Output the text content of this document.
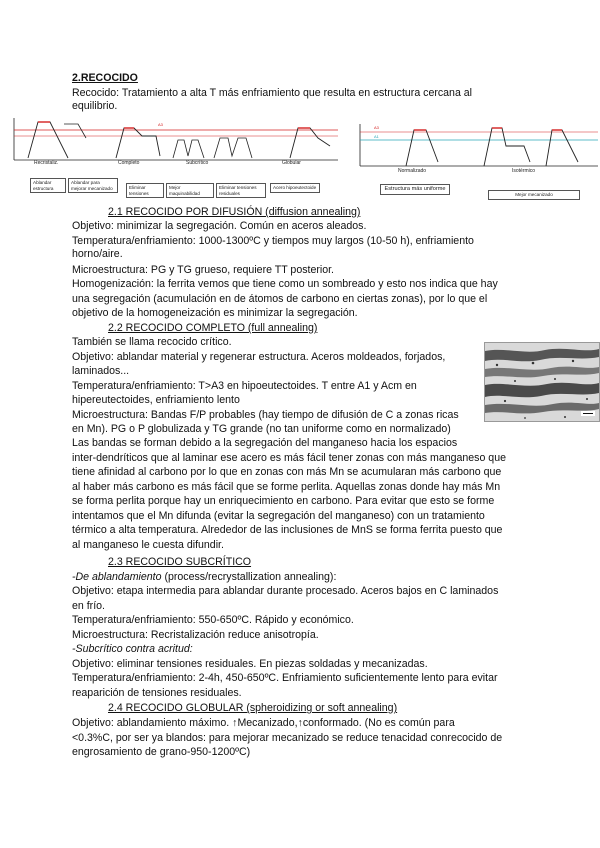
2.RECOCIDO
Recocido: Tratamiento a alta T más enfriamiento que resulta en estructura cercana al
equilibrio.
A3
Recristaliz.	Completo	Subcrítico	Globular
Ablandar estructura
Ablandar para mejorar mecanizado	Eliminar tensiones
Mejor maquinabilidad
Eliminar tensiones residuales
Acero hipoeutectoide
A3
A1
Normalizado	Isotérmico
Estructura más uniforme
Mejor mecanizado
2.1 RECOCIDO POR DIFUSIÓN (diffusion annealing)
Objetivo: minimizar la segregación. Común en aceros aleados.
Temperatura/enfriamiento: 1000-1300ºC y tiempos muy largos (10-50 h), enfriamiento
horno/aire.
Microestructura: PG y TG grueso, requiere TT posterior.
Homogenización: la ferrita vemos que tiene como un sombreado y esto nos indica que hay
una segregación (acumulación en de átomos de carbono en ciertas zonas), por lo que el
objetivo de la homogeneización es minimizar la segregación.
2.2 RECOCIDO COMPLETO (full annealing)
También se llama recocido crítico.
Objetivo: ablandar material y regenerar estructura. Aceros moldeados, forjados,
laminados...
Temperatura/enfriamiento: T>A3 en hipoeutectoides. T entre A1 y Acm en
hipereutectoides, enfriamiento lento
Microestructura: Bandas F/P probables (hay tiempo de difusión de C a zonas ricas
en Mn). PG o P globulizada y TG grande (no tan uniforme como en normalizado)
Las bandas se forman debido a la segregación del manganeso hacia los espacios
inter-dendríticos que al laminar ese acero es más fácil tener zonas con más manganeso que
tiene afinidad al carbono por lo que en zonas con más Mn se acumularan más carbono que
al haber más carbono es más fácil que se forme perlita. Aquellas zonas donde hay más Mn
se forma perlita porque hay un enriquecimiento en carbono. Para evitar que esto se forme
intentamos que el Mn difunda (evitar la segregación del manganeso) con un tratamiento
térmico a alta temperatura. Alrededor de las inclusiones de MnS se forma ferrita puesto que
al manganeso le cuesta difundir.
2.3 RECOCIDO SUBCRÍTICO
-De ablandamiento (process/recrystallization annealing):
Objetivo: etapa intermedia para ablandar durante procesado. Aceros bajos en C laminados
en frío.
Temperatura/enfriamiento: 550-650ºC. Rápido y económico.
Microestructura: Recristalización reduce anisotropía.
-Subcrítico contra acritud:
Objetivo: eliminar tensiones residuales. En piezas soldadas y mecanizadas.
Temperatura/enfriamiento: 2-4h, 450-650ºC. Enfriamiento suficientemente lento para evitar
reaparición de tensiones residuales.
2.4 RECOCIDO GLOBULAR (spheroidizing or soft annealing)
Objetivo: ablandamiento máximo. ↑Mecanizado,↑conformado. (No es común para
<0.3%C, por ser ya blandos: para mejorar mecanizado se reduce tenacidad conrecocido de
engrosamiento de grano-950-1200ºC)
